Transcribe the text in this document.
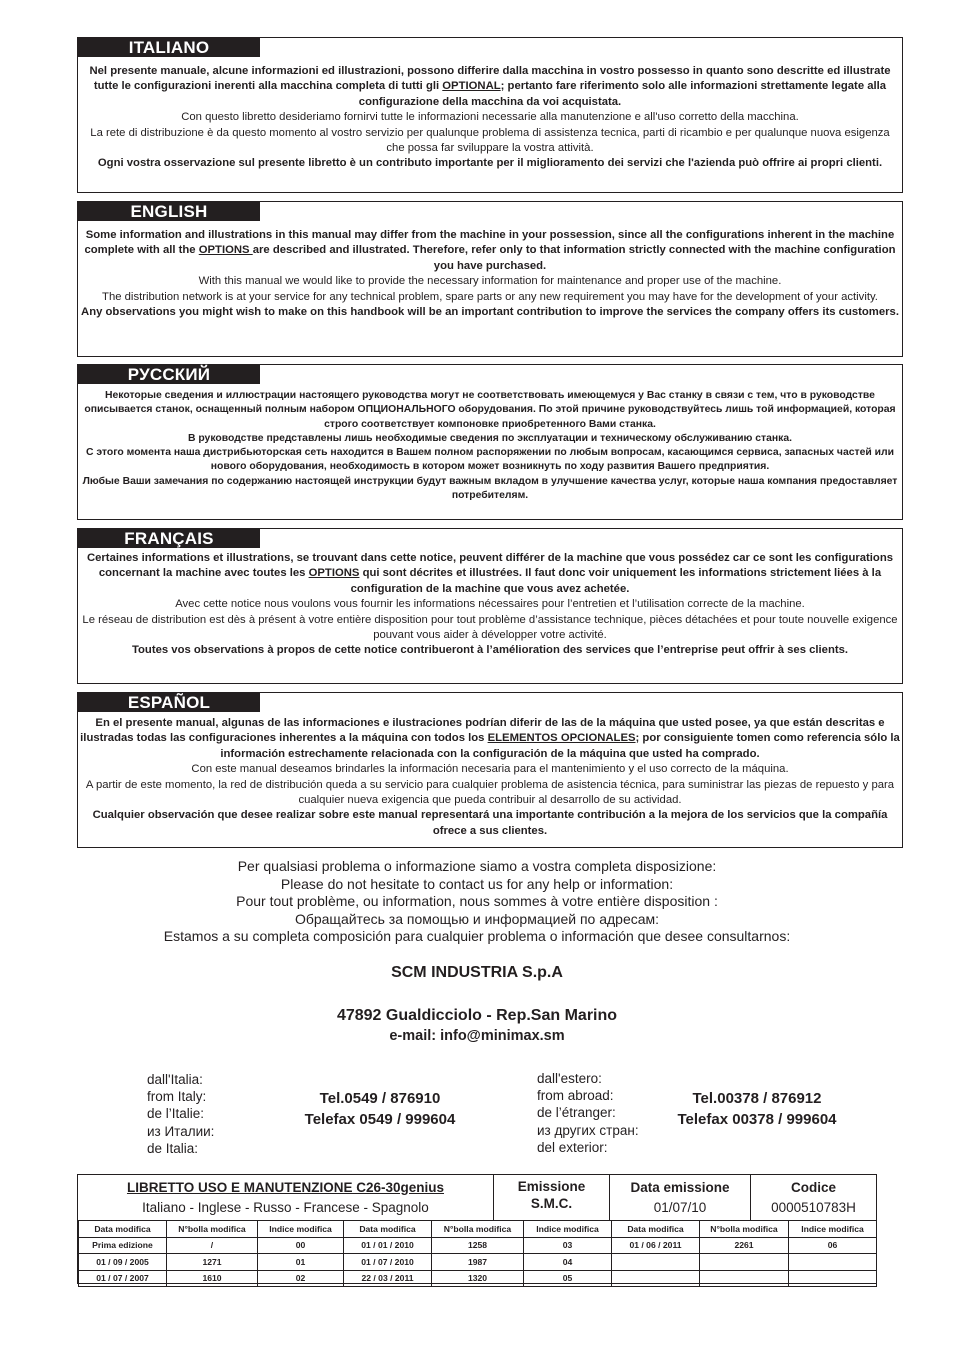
ITALIANO

Nel presente manuale, alcune informazioni ed illustrazioni, possono differire dalla macchina in vostro possesso in quanto sono descritte ed illustrate tutte le configurazioni inerenti alla macchina completa di tutti gli OPTIONAL; pertanto fare riferimento solo alle informazioni strettamente legate alla configurazione della macchina da voi acquistata.

Con questo libretto desideriamo fornirvi tutte le informazioni necessarie alla manutenzione e all'uso corretto della macchina.

La rete di distribuzione è da questo momento al vostro servizio per qualunque problema di assistenza tecnica, parti di ricambio e per qualunque nuova esigenza che possa far sviluppare la vostra attività.

Ogni vostra osservazione sul presente libretto è un contributo importante per il miglioramento dei servizi che l'azienda può offrire ai propri clienti.

ENGLISH

Some information and illustrations in this manual may differ from the machine in your possession, since all the configurations inherent in the machine complete with all the OPTIONS are described and illustrated. Therefore, refer only to that information strictly connected with the machine configuration you have purchased.

With this manual we would like to provide the necessary information for maintenance and proper use of the machine.

The distribution network is at your service for any technical problem, spare parts or any new requirement you may have for the development of your activity.

Any observations you might wish to make on this handbook will be an important contribution to improve the services the company offers its customers.

РУССКИЙ

Некоторые сведения и иллюстрации настоящего руководства могут не соответствовать имеющемуся у Вас станку в связи с тем, что в руководстве описывается станок, оснащенный полным набором ОПЦИОНАЛЬНОГО оборудования. По этой причине руководствуйтесь лишь той информацией, которая строго соответствует компоновке приобретенного Вами станка.

В руководстве представлены лишь необходимые сведения по эксплуатации и техническому обслуживанию станка.

С этого момента наша дистрибьюторская сеть находится в Вашем полном распоряжении по любым вопросам, касающимся сервиса, запасных частей или нового оборудования, необходимость в котором может возникнуть по ходу развития Вашего предприятия.

Любые Ваши замечания по содержанию настоящей инструкции будут важным вкладом в улучшение качества услуг, которые наша компания предоставляет потребителям.

FRANÇAIS

Certaines informations et illustrations, se trouvant dans cette notice, peuvent différer de la machine que vous possédez car ce sont les configurations concernant la machine avec toutes les OPTIONS qui sont décrites et illustrées. Il faut donc voir uniquement les informations strictement liées à la configuration de la machine que vous avez achetée.

Avec cette notice nous voulons vous fournir les informations nécessaires pour l’entretien et l’utilisation correcte de la machine.

Le réseau de distribution est dès à présent à votre entière disposition pour tout problème d’assistance technique, pièces détachées et pour toute nouvelle exigence pouvant vous aider à développer votre activité.

Toutes vos observations à propos de cette notice contribueront à l’amélioration des services que l’entreprise peut offrir à ses clients.

ESPAÑOL

En el presente manual, algunas de las informaciones e ilustraciones podrían diferir de las de la máquina que usted posee, ya que están descritas e ilustradas todas las configuraciones inherentes a la máquina con todos los ELEMENTOS OPCIONALES; por consiguiente tomen como referencia sólo la información estrechamente relacionada con la configuración de la máquina que usted ha comprado.

Con este manual deseamos brindarles la información necesaria para el mantenimiento y el uso correcto de la máquina.

A partir de este momento, la red de distribución queda a su servicio para cualquier problema de asistencia técnica, para suministrar las piezas de repuesto y para cualquier nueva exigencia que pueda contribuir al desarrollo de su actividad.

Cualquier observación que desee realizar sobre este manual representará una importante contribución a la mejora de los servicios que la compañía ofrece a sus clientes.

Per qualsiasi problema o informazione siamo a vostra completa disposizione:

Please do not hesitate to contact us for any help or information:

Pour tout problème, ou information, nous sommes à votre entière disposition :

Обращайтесь за помощью и информацией по адресам:

Estamos a su completa composición para cualquier problema o información que desee consultarnos:

SCM INDUSTRIA S.p.A
47892 Gualdicciolo - Rep.San Marino
e-mail: info@minimax.sm

dall'Italia:

from Italy:

de l’Italie:

из Италии:

de Italia:

Tel.0549 / 876910

Telefax 0549 / 999604

dall'estero:

from abroad:

de l’étranger:

из других стран:

del exterior:

Tel.00378 / 876912

Telefax 00378 / 999604

LIBRETTO USO E MANUTENZIONE C26-30genius

Italiano - Inglese - Russo - Francese - Spagnolo

Emissione

S.M.C.

Data emissione

01/07/10

Codice

0000510783H

Data modifica	N°bolla modifica	Indice modifica	Data modifica	N°bolla modifica	Indice modifica	Data modifica	N°bolla modifica	Indice modifica
Prima edizione	/	00	01 / 01 / 2010	1258	03	01 / 06 / 2011	2261	06
01 / 09 / 2005	1271	01	01 / 07 / 2010	1987	04			
01 / 07 / 2007	1610	02	22 / 03 / 2011	1320	05			
